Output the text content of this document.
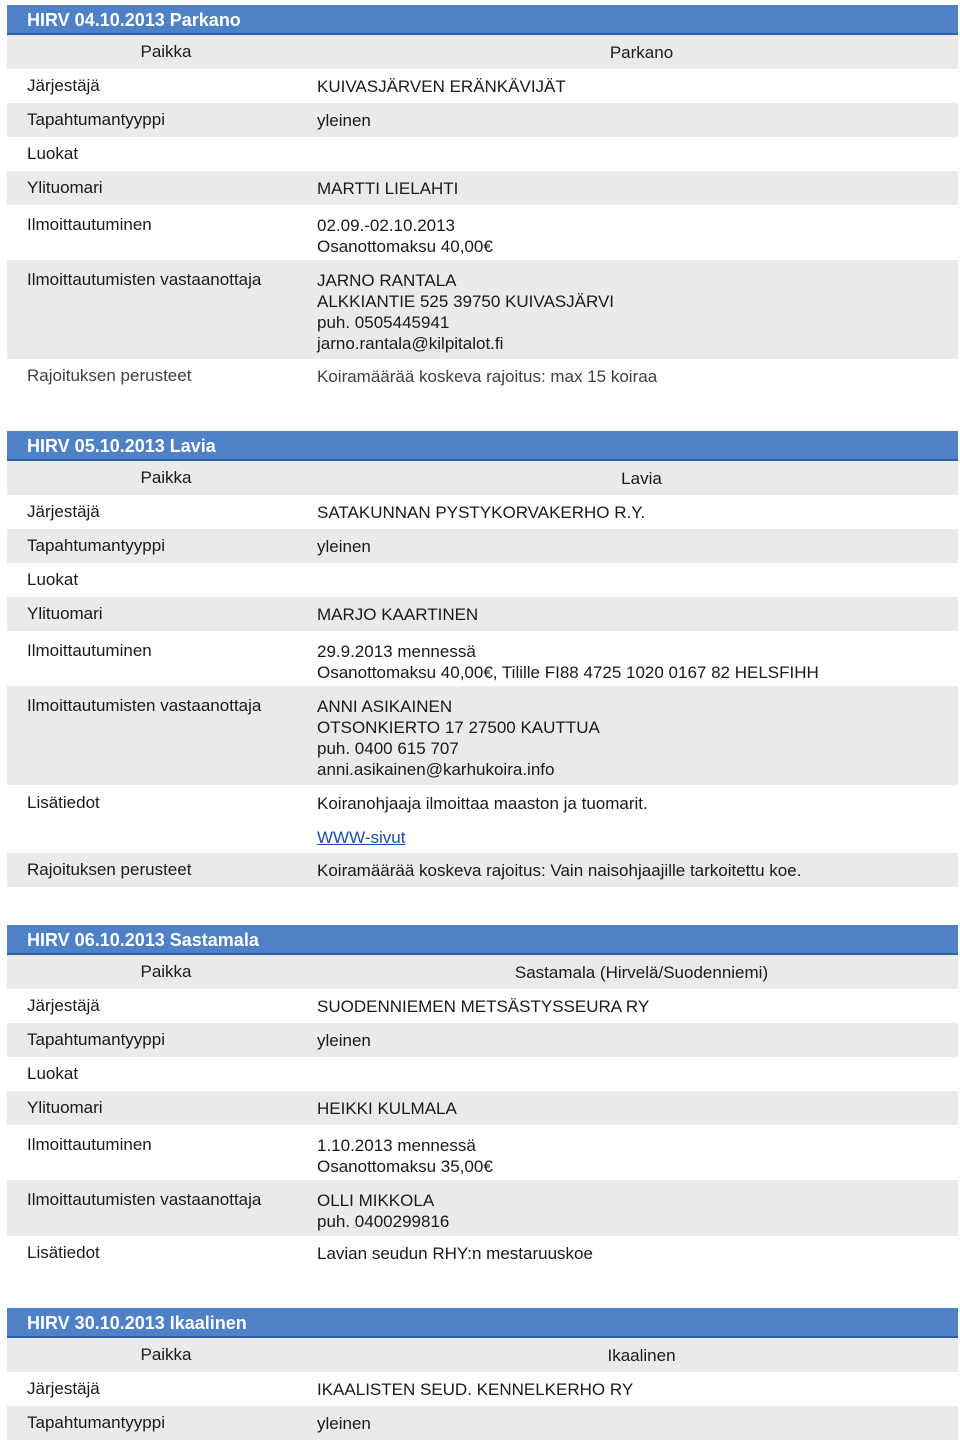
HIRV 04.10.2013 Parkano
Paikka	Parkano
Järjestäjä	KUIVASJÄRVEN ERÄNKÄVIJÄT
Tapahtumantyyppi	yleinen
Luokat
Ylituomari	MARTTI LIELAHTI
Ilmoittautuminen	02.09.-02.10.2013
Osanottomaksu 40,00€
Ilmoittautumisten vastaanottaja	JARNO RANTALA
ALKKIANTIE 525 39750 KUIVASJÄRVI
puh. 0505445941
jarno.rantala@kilpitalot.fi
Rajoituksen perusteet	Koiramäärää koskeva rajoitus: max 15 koiraa
HIRV 05.10.2013 Lavia
Paikka	Lavia
Järjestäjä	SATAKUNNAN PYSTYKORVAKERHO R.Y.
Tapahtumantyyppi	yleinen
Luokat
Ylituomari	MARJO KAARTINEN
Ilmoittautuminen	29.9.2013 mennessä
Osanottomaksu 40,00€, Tilille FI88 4725 1020 0167 82 HELSFIHH
Ilmoittautumisten vastaanottaja	ANNI ASIKAINEN
OTSONKIERTO 17 27500 KAUTTUA
puh. 0400 615 707
anni.asikainen@karhukoira.info
Lisätiedot	Koiranohjaaja ilmoittaa maaston ja tuomarit.
WWW-sivut
Rajoituksen perusteet	Koiramäärää koskeva rajoitus: Vain naisohjaajille tarkoitettu koe.
HIRV 06.10.2013 Sastamala
Paikka	Sastamala (Hirvelä/Suodenniemi)
Järjestäjä	SUODENNIEMEN METSÄSTYSSEURA RY
Tapahtumantyyppi	yleinen
Luokat
Ylituomari	HEIKKI KULMALA
Ilmoittautuminen	1.10.2013 mennessä
Osanottomaksu 35,00€
Ilmoittautumisten vastaanottaja	OLLI MIKKOLA
puh. 0400299816
Lisätiedot	Lavian seudun RHY:n mestaruuskoe
HIRV 30.10.2013 Ikaalinen
Paikka	Ikaalinen
Järjestäjä	IKAALISTEN SEUD. KENNELKERHO RY
Tapahtumantyyppi	yleinen
